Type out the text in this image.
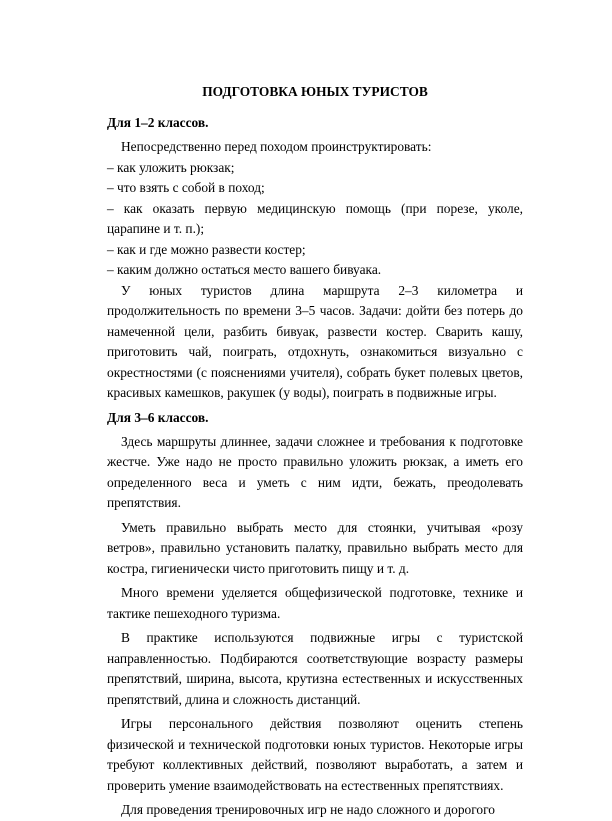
ПОДГОТОВКА ЮНЫХ ТУРИСТОВ
Для 1–2 классов.

Непосредственно перед походом проинструктировать:

– как уложить рюкзак;

– что взять с собой в поход;

– как оказать первую медицинскую помощь (при порезе, уколе, царапине и т. п.);

– как и где можно развести костер;

– каким должно остаться место вашего бивуака.

У юных туристов длина маршрута 2–3 километра и продолжительность по времени 3–5 часов. Задачи: дойти без потерь до намеченной цели, разбить бивуак, развести костер. Сварить кашу, приготовить чай, поиграть, отдохнуть, ознакомиться визуально с окрестностями (с пояснениями учителя), собрать букет полевых цветов, красивых камешков, ракушек (у воды), поиграть в подвижные игры.

Для 3–6 классов.

Здесь маршруты длиннее, задачи сложнее и требования к подготовке жестче. Уже надо не просто правильно уложить рюкзак, а иметь его определенного веса и уметь с ним идти, бежать, преодолевать препятствия.

Уметь правильно выбрать место для стоянки, учитывая «розу ветров», правильно установить палатку, правильно выбрать место для костра, гигиенически чисто приготовить пищу и т. д.

Много времени уделяется общефизической подготовке, технике и тактике пешеходного туризма.

В практике используются подвижные игры с туристской направленностью. Подбираются соответствующие возрасту размеры препятствий, ширина, высота, крутизна естественных и искусственных препятствий, длина и сложность дистанций.

Игры персонального действия позволяют оценить степень физической и технической подготовки юных туристов. Некоторые игры требуют коллективных действий, позволяют выработать, а затем и проверить умение взаимодействовать на естественных препятствиях.

Для проведения тренировочных игр не надо сложного и дорогого
